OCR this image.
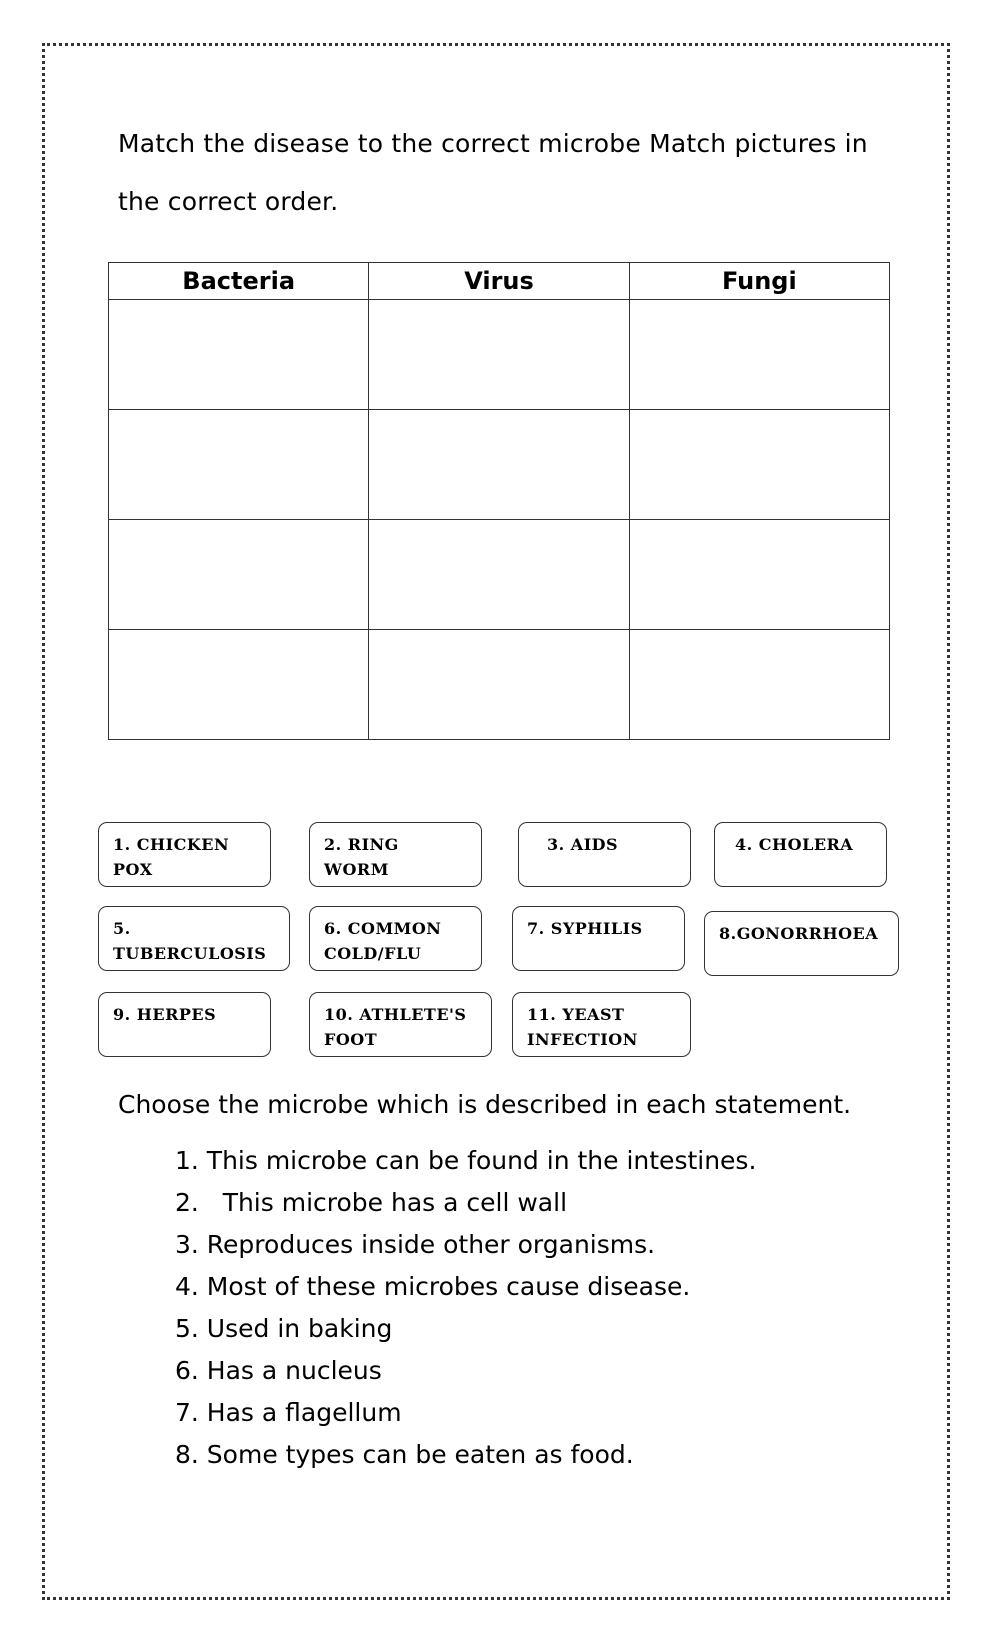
Match the disease to the correct microbe Match pictures in
the correct order.
Bacteria	Virus	Fungi

1. CHICKEN
POX
2. RING WORM
3. AIDS	4. CHOLERA
5.
TUBERCULOSIS
6. COMMON
COLD/FLU
7. SYPHILIS	8.GONORRHOEA
9. HERPES	10. ATHLETE'S
FOOT
11. YEAST
INFECTION
Choose the microbe which is described in each statement.
1. This microbe can be found in the intestines.
2.   This microbe has a cell wall
3. Reproduces inside other organisms.
4. Most of these microbes cause disease.
5. Used in baking
6. Has a nucleus
7. Has a flagellum
8. Some types can be eaten as food.
